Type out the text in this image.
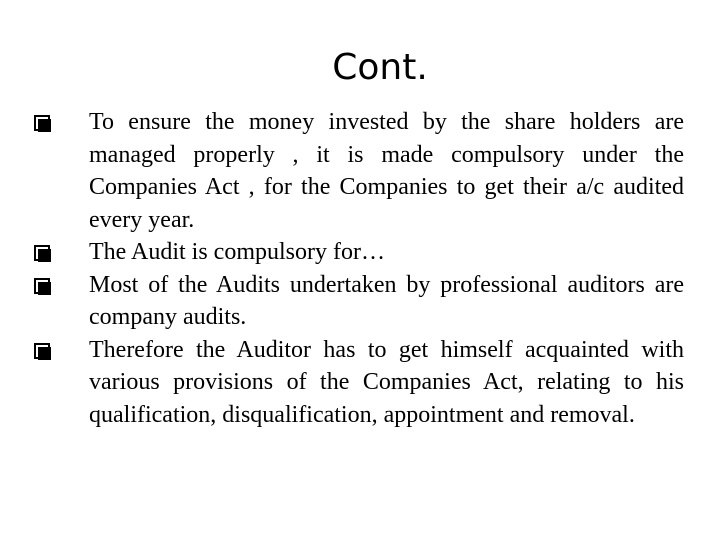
Cont.
To ensure the money invested by the share holders are managed properly , it is made compulsory under the Companies Act , for the Companies to get their a/c audited every year.
The Audit is compulsory for…
Most of the Audits undertaken by professional auditors are company audits.
Therefore the Auditor has to get himself acquainted with various provisions of the Companies Act, relating to his qualification, disqualification, appointment and removal.
